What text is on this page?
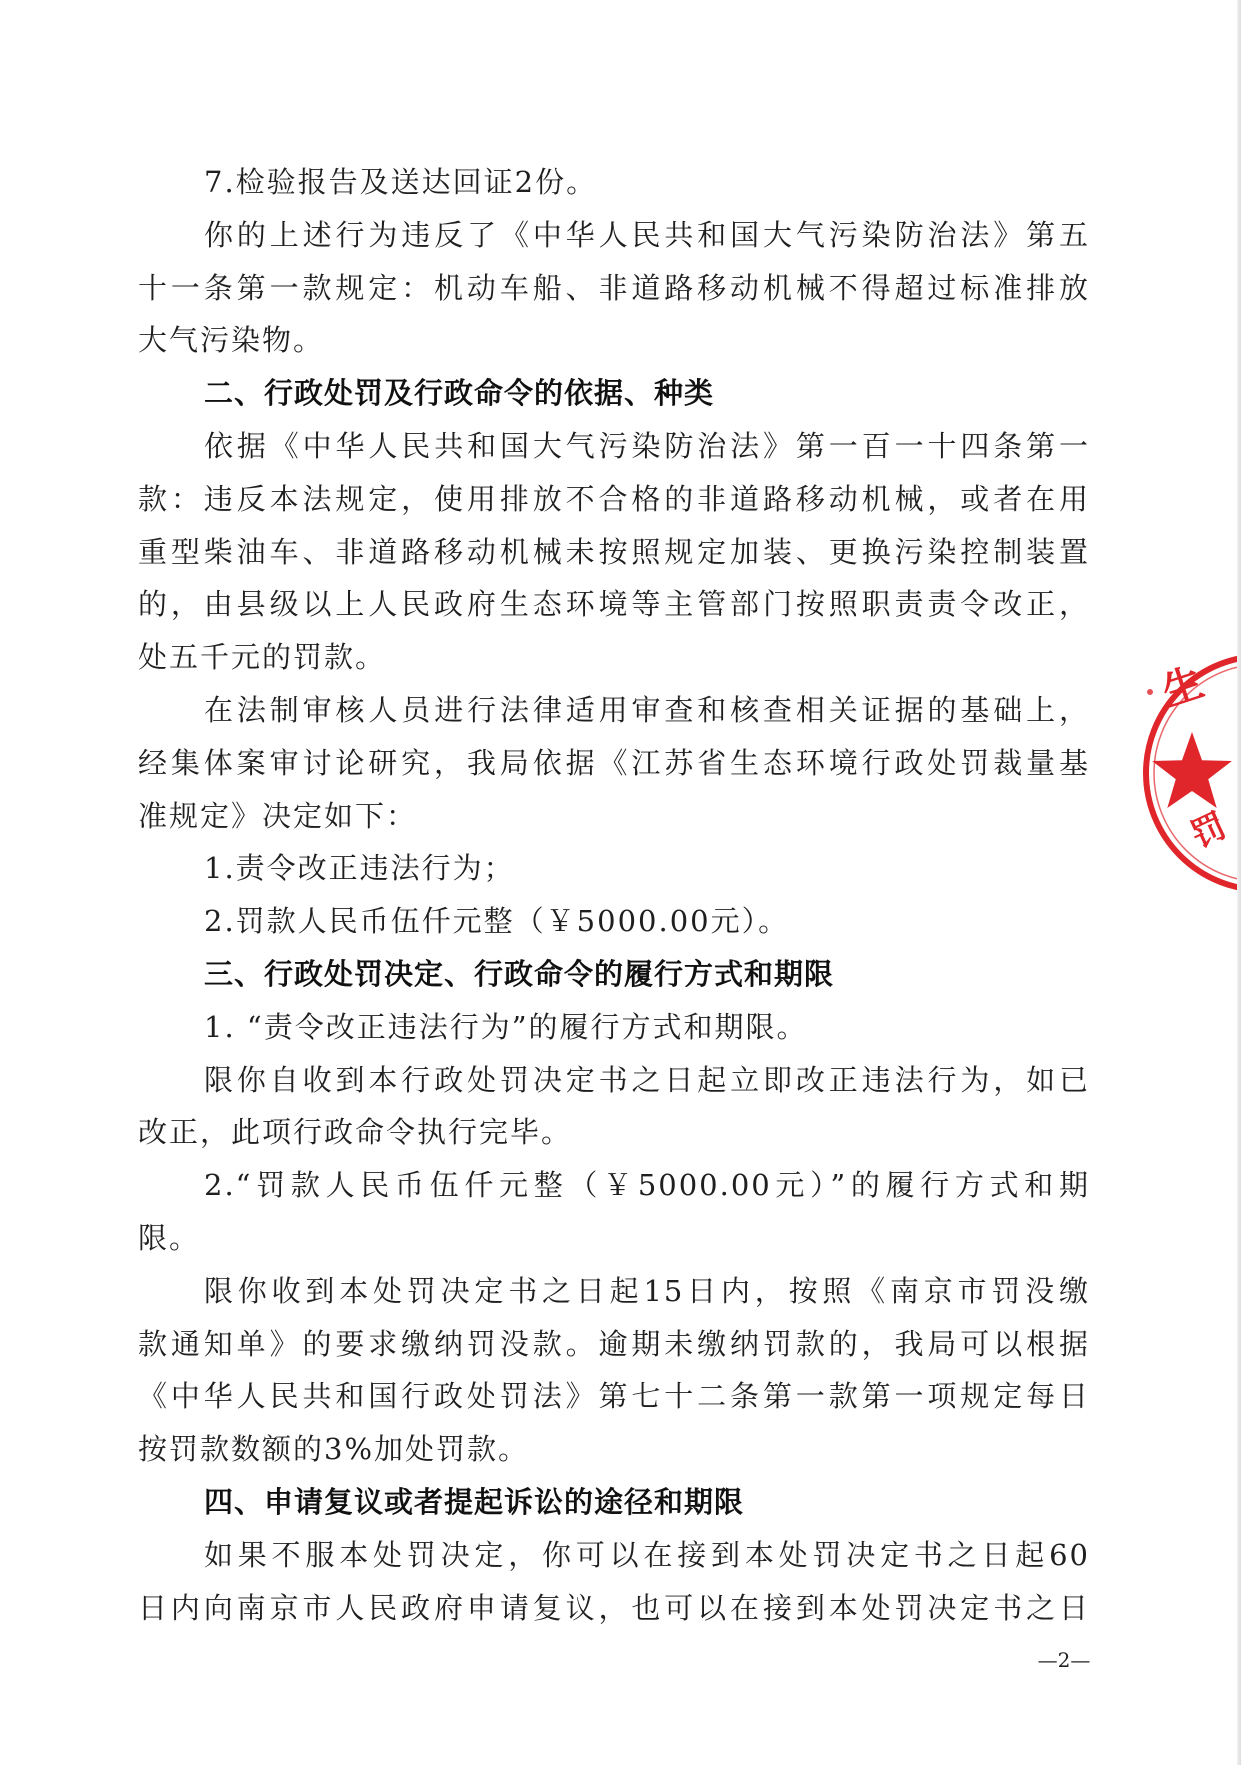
7.检验报告及送达回证2份。
你的上述行为违反了《中华人民共和国大气污染防治法》第五
十一条第一款规定：机动车船、非道路移动机械不得超过标准排放
大气污染物。
二、行政处罚及行政命令的依据、种类
依据《中华人民共和国大气污染防治法》第一百一十四条第一
款：违反本法规定，使用排放不合格的非道路移动机械，或者在用
重型柴油车、非道路移动机械未按照规定加装、更换污染控制装置
的，由县级以上人民政府生态环境等主管部门按照职责责令改正，
处五千元的罚款。
在法制审核人员进行法律适用审查和核查相关证据的基础上，
经集体案审讨论研究，我局依据《江苏省生态环境行政处罚裁量基
准规定》决定如下：
1.责令改正违法行为；
2.罚款人民币伍仟元整（￥5000.00元）。
三、行政处罚决定、行政命令的履行方式和期限
1. “责令改正违法行为”的履行方式和期限。
限你自收到本行政处罚决定书之日起立即改正违法行为，如已
改正，此项行政命令执行完毕。
2.“罚款人民币伍仟元整（￥5000.00元）”的履行方式和期
限。
限你收到本处罚决定书之日起15日内，按照《南京市罚没缴
款通知单》的要求缴纳罚没款。逾期未缴纳罚款的，我局可以根据
《中华人民共和国行政处罚法》第七十二条第一款第一项规定每日
按罚款数额的3%加处罚款。
四、申请复议或者提起诉讼的途径和期限
如果不服本处罚决定，你可以在接到本处罚决定书之日起60
日内向南京市人民政府申请复议，也可以在接到本处罚决定书之日
生
罚
—2—
